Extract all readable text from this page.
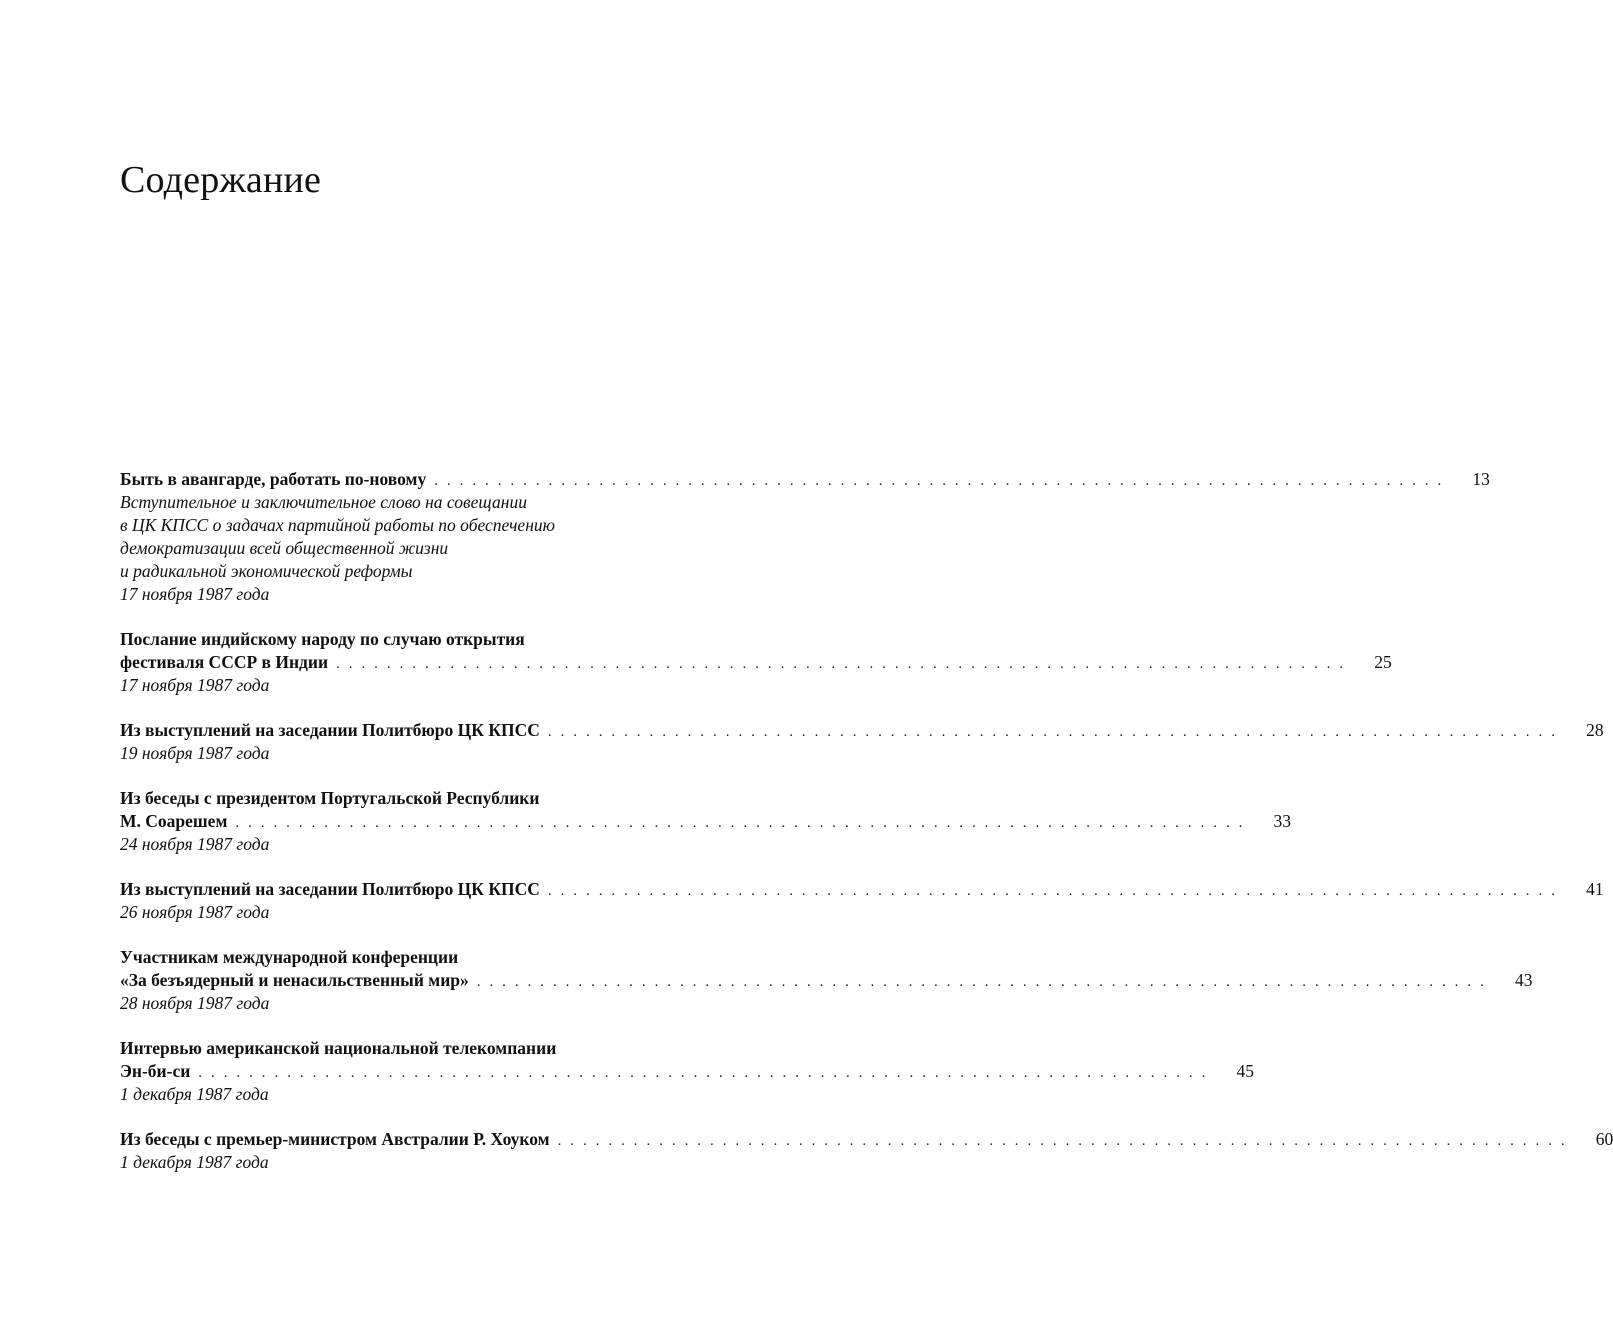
Содержание
Быть в авангарде, работать по-новому . . . . . . . . . . . . . . . . . . . . . . . . . . . . . . . . . . . . . . . . . . . . . . . . . . . . . . . . . . . . . . . . . . . . . . . . . . . . . . . .	13
Вступительное и заключительное слово на совещании
в ЦК КПСС о задачах партийной работы по обеспечению
демократизации всей общественной жизни
и радикальной экономической реформы
17 ноября 1987 года
Послание индийскому народу по случаю открытия
фестиваля СССР в Индии . . . . . . . . . . . . . . . . . . . . . . . . . . . . . . . . . . . . . . . . . . . . . . . . . . . . . . . . . . . . . . . . . . . . . . . . . . . . . . . .	25
17 ноября 1987 года
Из выступлений на заседании Политбюро ЦК КПСС . . . . . . . . . . . . . . . . . . . . . . . . . . . . . . . . . . . . . . . . . . . . . . . . . . . . . . . . . . . . . . . . . . . . . . . . . . . . . . . .	28
19 ноября 1987 года
Из беседы с президентом Португальской Республики
М. Соарешем . . . . . . . . . . . . . . . . . . . . . . . . . . . . . . . . . . . . . . . . . . . . . . . . . . . . . . . . . . . . . . . . . . . . . . . . . . . . . . . .	33
24 ноября 1987 года
Из выступлений на заседании Политбюро ЦК КПСС . . . . . . . . . . . . . . . . . . . . . . . . . . . . . . . . . . . . . . . . . . . . . . . . . . . . . . . . . . . . . . . . . . . . . . . . . . . . . . . .	41
26 ноября 1987 года
Участникам международной конференции
«За безъядерный и ненасильственный мир» . . . . . . . . . . . . . . . . . . . . . . . . . . . . . . . . . . . . . . . . . . . . . . . . . . . . . . . . . . . . . . . . . . . . . . . . . . . . . . . .	43
28 ноября 1987 года
Интервью американской национальной телекомпании
Эн-би-си . . . . . . . . . . . . . . . . . . . . . . . . . . . . . . . . . . . . . . . . . . . . . . . . . . . . . . . . . . . . . . . . . . . . . . . . . . . . . . . .	45
1 декабря 1987 года
Из беседы с премьер-министром Австралии Р. Хоуком . . . . . . . . . . . . . . . . . . . . . . . . . . . . . . . . . . . . . . . . . . . . . . . . . . . . . . . . . . . . . . . . . . . . . . . . . . . . . . . .	60
1 декабря 1987 года
